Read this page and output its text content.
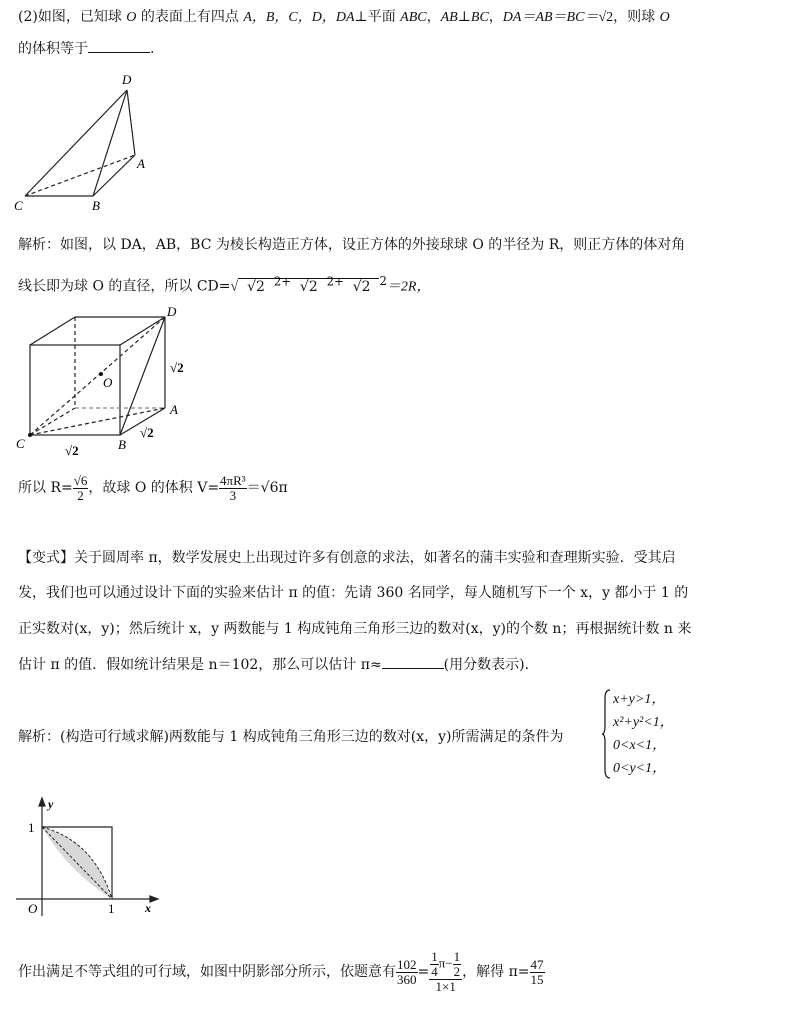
(2)如图，已知球 O 的表面上有四点 A，B，C，D，DA⊥平面 ABC，AB⊥BC，DA＝AB＝BC＝√2，则球 O
的体积等于	.
D
A
C	B
解析：如图，以 DA，AB，BC 为棱长构造正方体，设正方体的外接球球 O 的半径为 R，则正方体的体对角
线长即为球 O 的直径，所以 CD=√ √2 $^{2+}$ √2 $^{2+}$ √2 $^2$＝2R，
D
O
√2
A
C	B
√2
√2
所以 $R= \frac{√6}{2}$ ，故球 O 的体积 $V= \frac{\text{4πR³}}{3} =√6\pi$
【变式】关于圆周率 π，数学发展史上出现过许多有创意的求法，如著名的蒲丰实验和查理斯实验．受其启
发，我们也可以通过设计下面的实验来估计 π 的值：先请 360 名同学，每人随机写下一个 x，y 都小于 1 的
正实数对(x，y)；然后统计 x，y 两数能与 1 构成钝角三角形三边的数对(x，y)的个数 n；再根据统计数 n 来
估计 π 的值．假如统计结果是 n＝102，那么可以估计 π≈	(用分数表示)．
解析：(构造可行域求解)两数能与 1 构成钝角三角形三边的数对(x，y)所需满足的条件为
x+y>1，
x²+y²<1，
0<x<1，
0<y<1，
y
1
O	1	x
作出满足不等式组的可行域，如图中阴影部分所示，依题意有 $\frac{102}{360} = \frac{\frac{1}{4} \pi- \frac{1}{2}}{1\times 1}$ ，解得 $\pi= \frac{47}{15}$
